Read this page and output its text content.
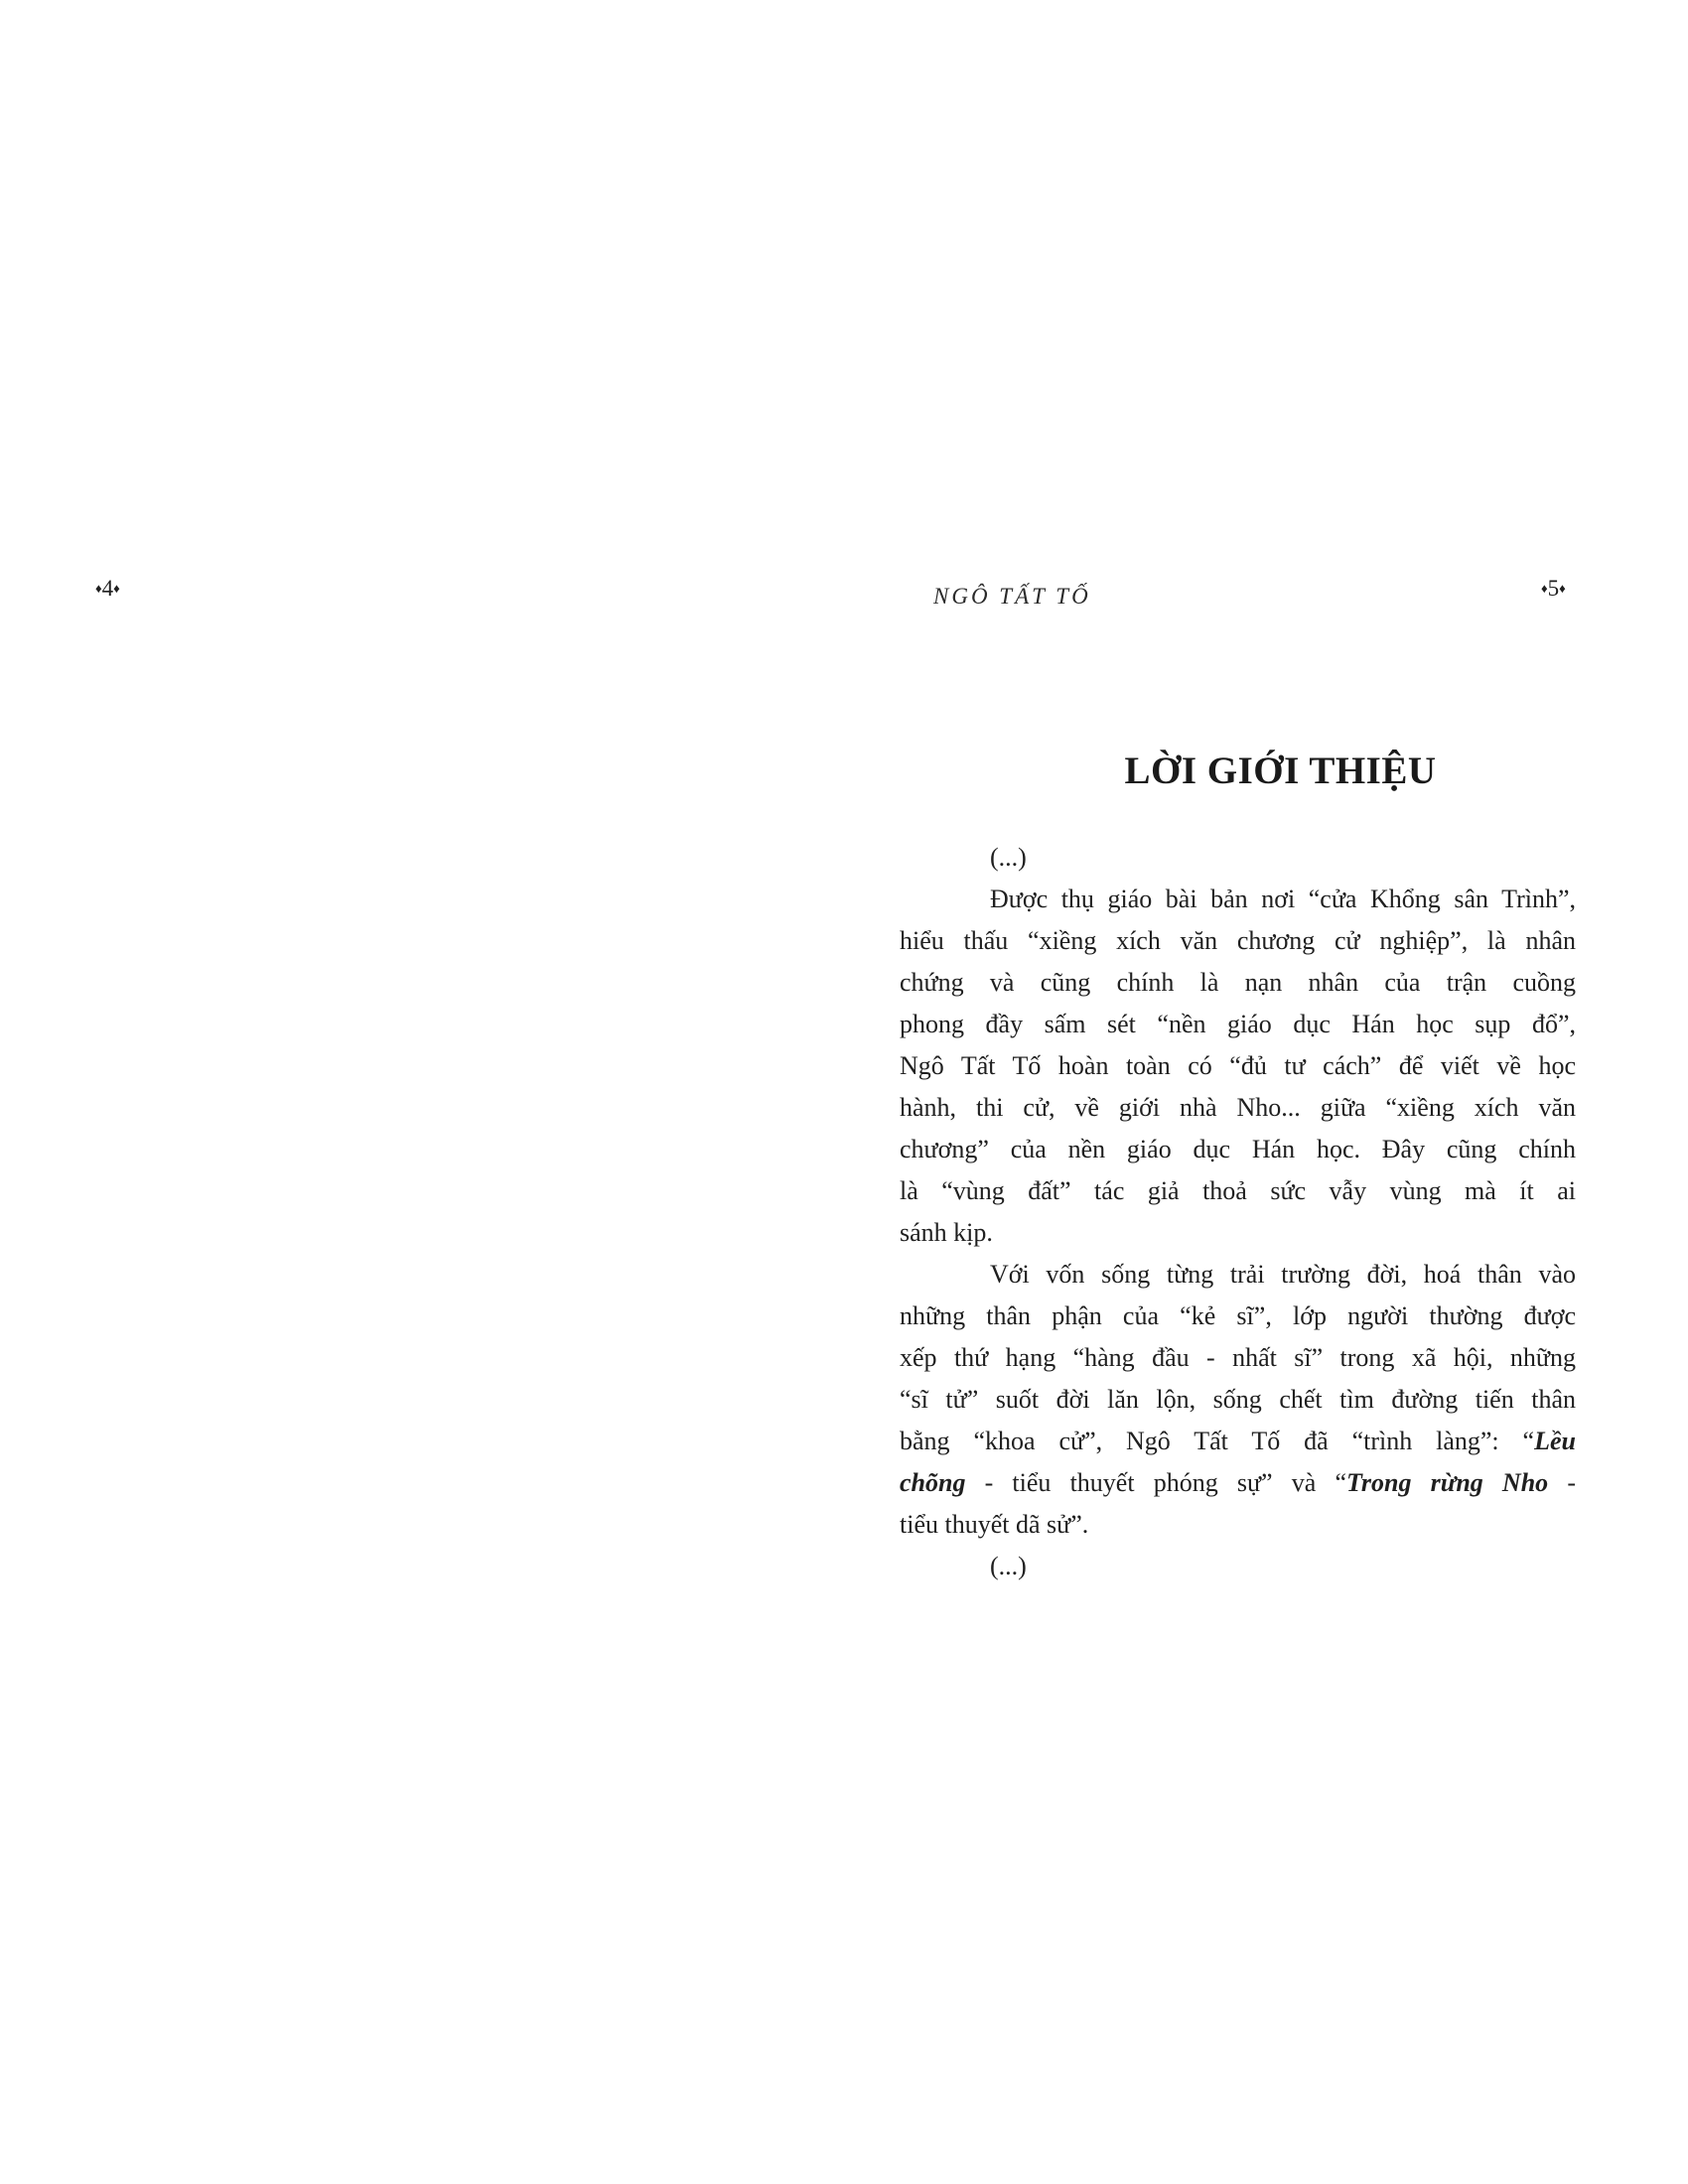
♦4♦	NGÔ TẤT TỐ	♦5♦
LỜI GIỚI THIỆU
(...)
Được thụ giáo bài bản nơi “cửa Khổng sân Trình”,
hiểu thấu “xiềng xích văn chương cử nghiệp”, là nhân
chứng và cũng chính là nạn nhân của trận cuồng
phong đầy sấm sét “nền giáo dục Hán học sụp đổ”,
Ngô Tất Tố hoàn toàn có “đủ tư cách” để viết về học
hành, thi cử, về giới nhà Nho... giữa “xiềng xích văn
chương” của nền giáo dục Hán học. Đây cũng chính
là “vùng đất” tác giả thoả sức vẫy vùng mà ít ai
sánh kịp.
Với vốn sống từng trải trường đời, hoá thân vào
những thân phận của “kẻ sĩ”, lớp người thường được
xếp thứ hạng “hàng đầu - nhất sĩ” trong xã hội, những
“sĩ tử” suốt đời lăn lộn, sống chết tìm đường tiến thân
bằng “khoa cử”, Ngô Tất Tố đã “trình làng”: “Lều
chõng - tiểu thuyết phóng sự” và “Trong rừng Nho -
tiểu thuyết dã sử”.
(...)
